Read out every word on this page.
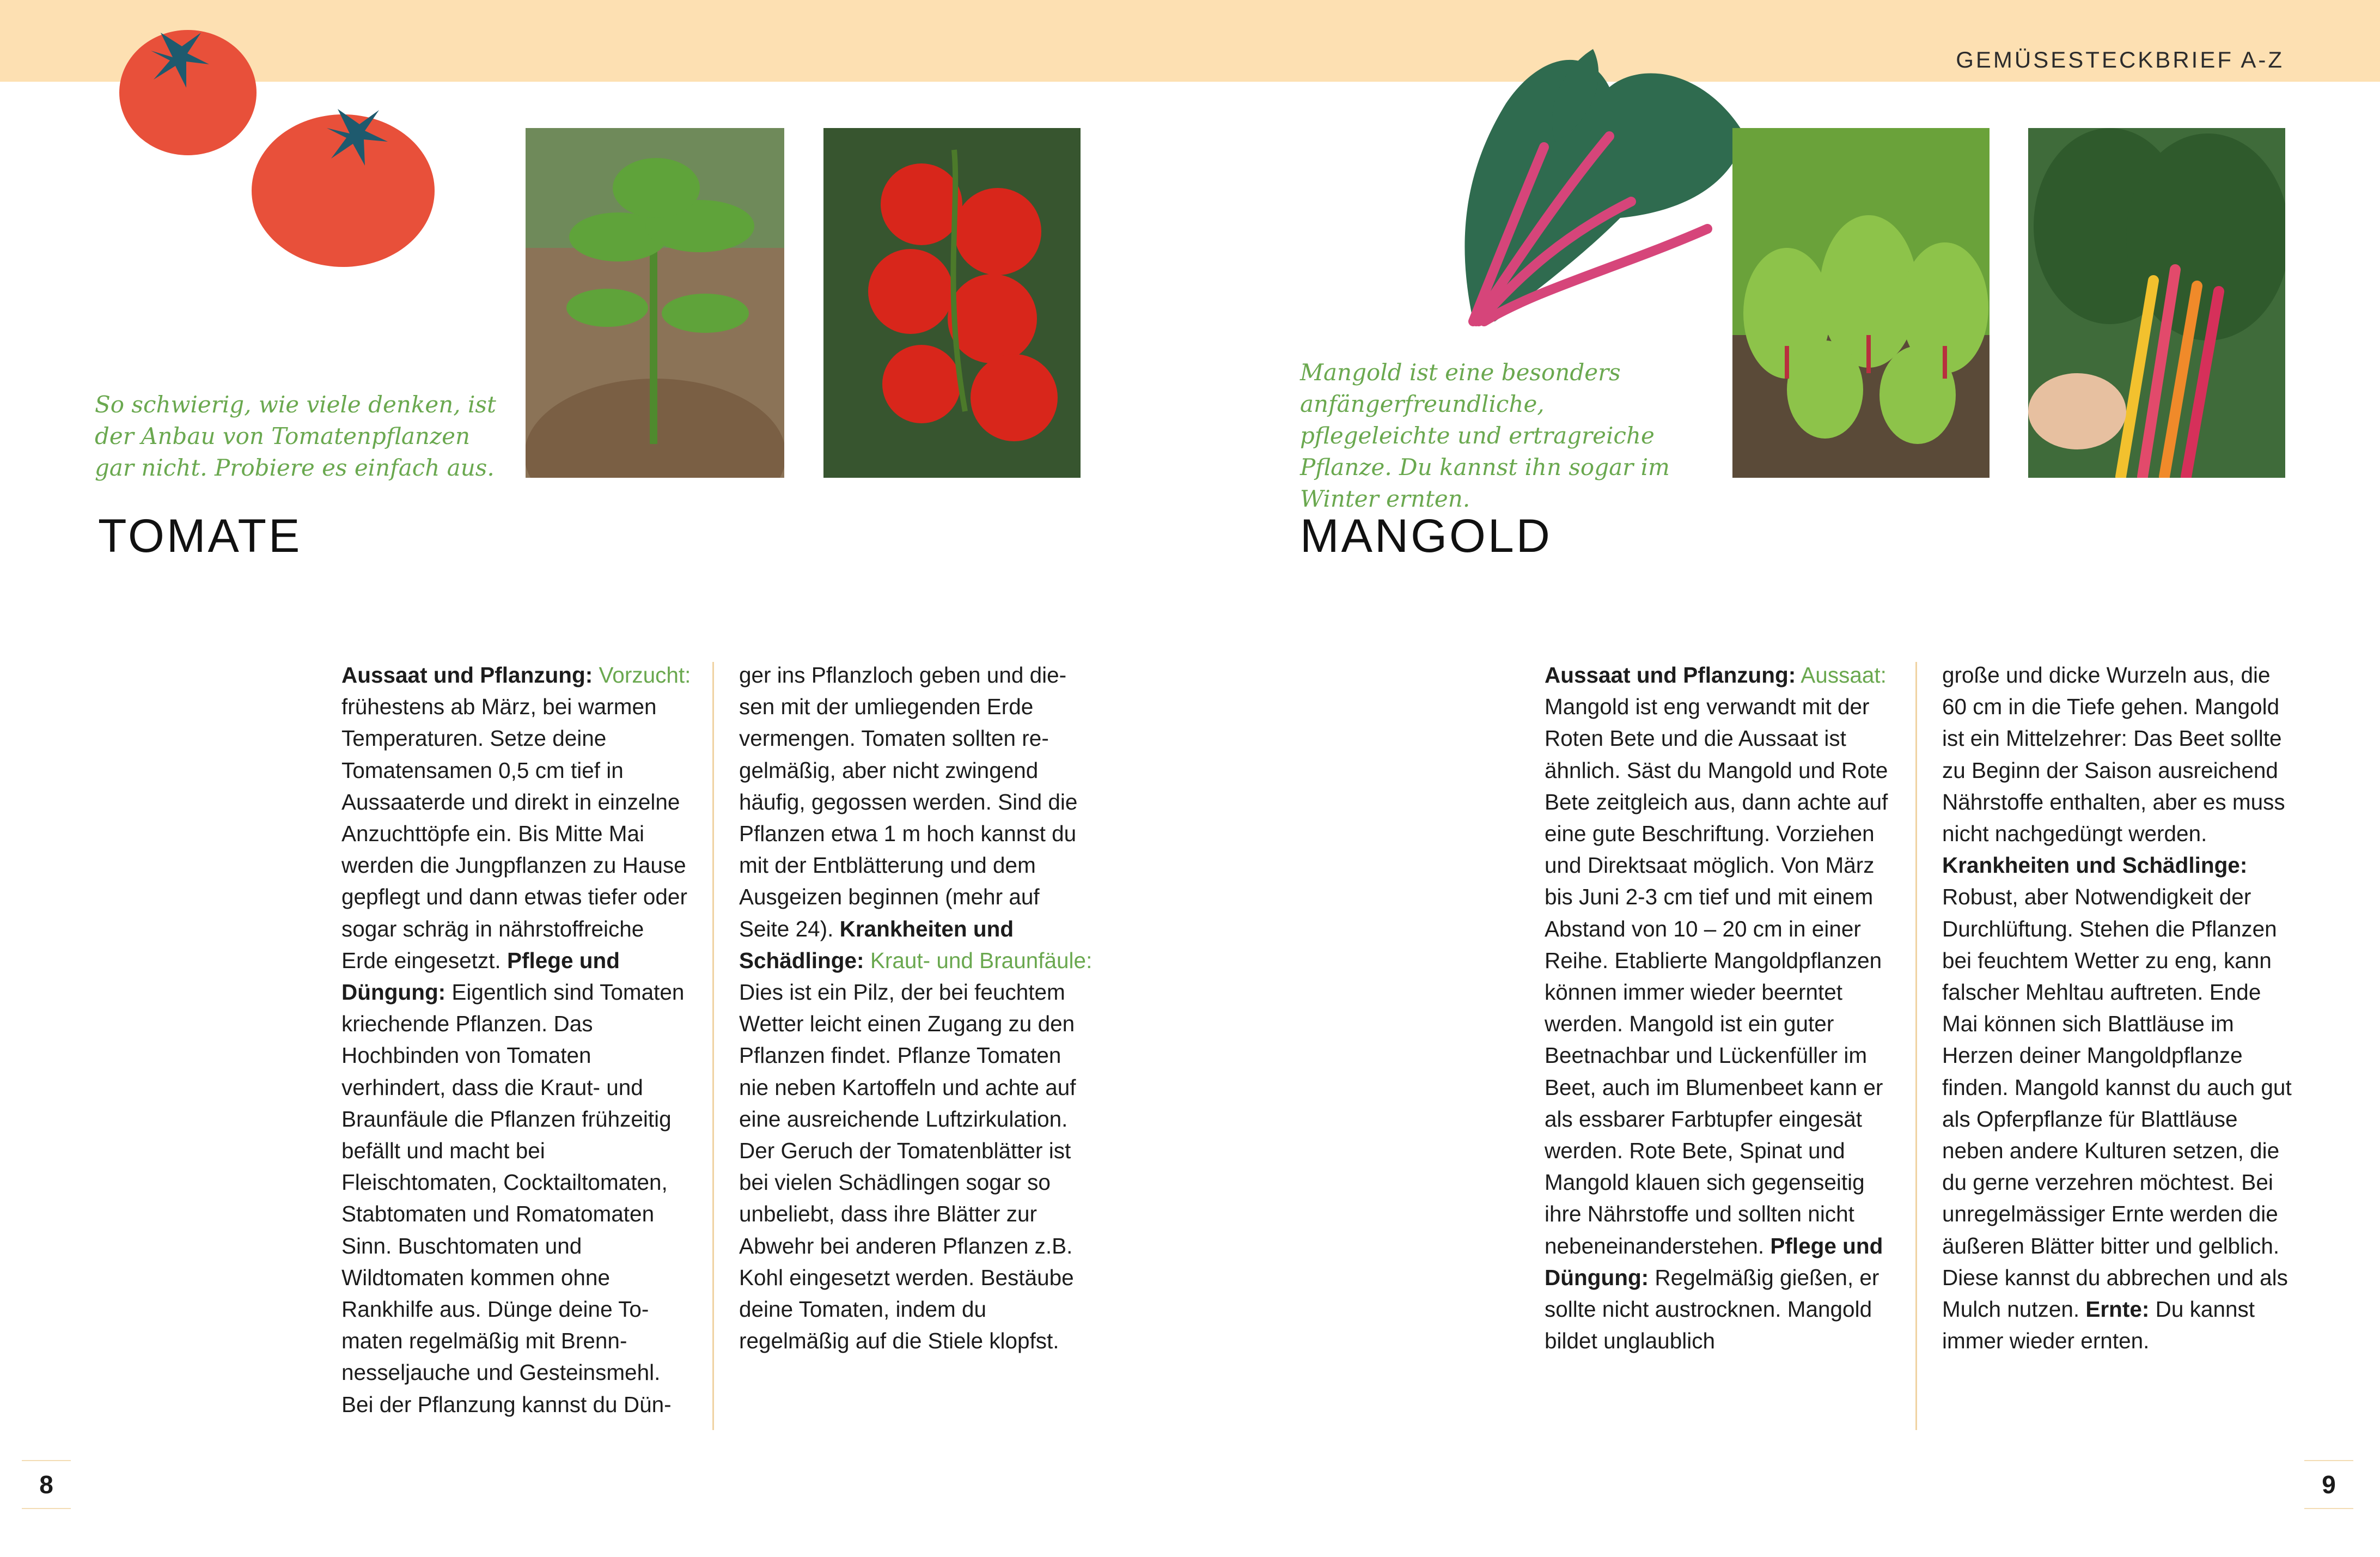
GEMÜSESTECKBRIEF A-Z
So schwierig, wie viele denken, ist der Anbau von Tomatenpflanzen gar nicht. Probiere es einfach aus.
TOMATE
Aussaat und Pflanzung: Vorzucht: frühestens ab März, bei warmen Temperaturen. Setze deine Tomatensamen 0,5 cm tief in Aussaaterde und direkt in einzelne Anzuchttöpfe ein. Bis Mitte Mai werden die Jungpflanzen zu Hause gepflegt und dann etwas tiefer oder sogar schräg in nährstoffreiche Erde eingesetzt. Pflege und Düngung: Eigentlich sind Tomaten kriechende Pflanzen. Das Hochbinden von Tomaten verhindert, dass die Kraut- und Braunfäule die Pflanzen frühzeitig befällt und macht bei Fleischtomaten, Cocktailtomaten, Stabtomaten und Romatomaten Sinn. Buschtomaten und Wildtomaten kommen ohne Rankhilfe aus. Dünge deine Tomaten regelmäßig mit Brennnesseljauche und Gesteinsmehl. Bei der Pflanzung kannst du Dün-
ger ins Pflanzloch geben und diesen mit der umliegenden Erde vermengen. Tomaten sollten regelmäßig, aber nicht zwingend häufig, gegossen werden. Sind die Pflanzen etwa 1 m hoch kannst du mit der Entblätterung und dem Ausgeizen beginnen (mehr auf Seite 24). Krankheiten und Schädlinge: Kraut- und Braunfäule: Dies ist ein Pilz, der bei feuchtem Wetter leicht einen Zugang zu den Pflanzen findet. Pflanze Tomaten nie neben Kartoffeln und achte auf eine ausreichende Luftzirkulation. Der Geruch der Tomatenblätter ist bei vielen Schädlingen sogar so unbeliebt, dass ihre Blätter zur Abwehr bei anderen Pflanzen z.B. Kohl eingesetzt werden. Bestäube deine Tomaten, indem du regelmäßig auf die Stiele klopfst.
8
Mangold ist eine besonders anfängerfreundliche, pflegeleichte und ertragreiche Pflanze. Du kannst ihn sogar im Winter ernten.
MANGOLD
Aussaat und Pflanzung: Aussaat: Mangold ist eng verwandt mit der Roten Bete und die Aussaat ist ähnlich. Säst du Mangold und Rote Bete zeitgleich aus, dann achte auf eine gute Beschriftung. Vorziehen und Direktsaat möglich. Von März bis Juni 2-3 cm tief und mit einem Abstand von 10 – 20 cm in einer Reihe. Etablierte Mangoldpflanzen können immer wieder beerntet werden. Mangold ist ein guter Beetnachbar und Lückenfüller im Beet, auch im Blumenbeet kann er als essbarer Farbtupfer eingesät werden. Rote Bete, Spinat und Mangold klauen sich gegenseitig ihre Nährstoffe und sollten nicht nebeneinanderstehen. Pflege und Düngung: Regelmäßig gießen, er sollte nicht austrocknen. Mangold bildet unglaublich
große und dicke Wurzeln aus, die 60 cm in die Tiefe gehen. Mangold ist ein Mittelzehrer: Das Beet sollte zu Beginn der Saison ausreichend Nährstoffe enthalten, aber es muss nicht nachgedüngt werden. Krankheiten und Schädlinge: Robust, aber Notwendigkeit der Durchlüftung. Stehen die Pflanzen bei feuchtem Wetter zu eng, kann falscher Mehltau auftreten. Ende Mai können sich Blattläuse im Herzen deiner Mangoldpflanze finden. Mangold kannst du auch gut als Opferpflanze für Blattläuse neben andere Kulturen setzen, die du gerne verzehren möchtest. Bei unregelmässiger Ernte werden die äußeren Blätter bitter und gelblich. Diese kannst du abbrechen und als Mulch nutzen. Ernte: Du kannst immer wieder ernten.
9
